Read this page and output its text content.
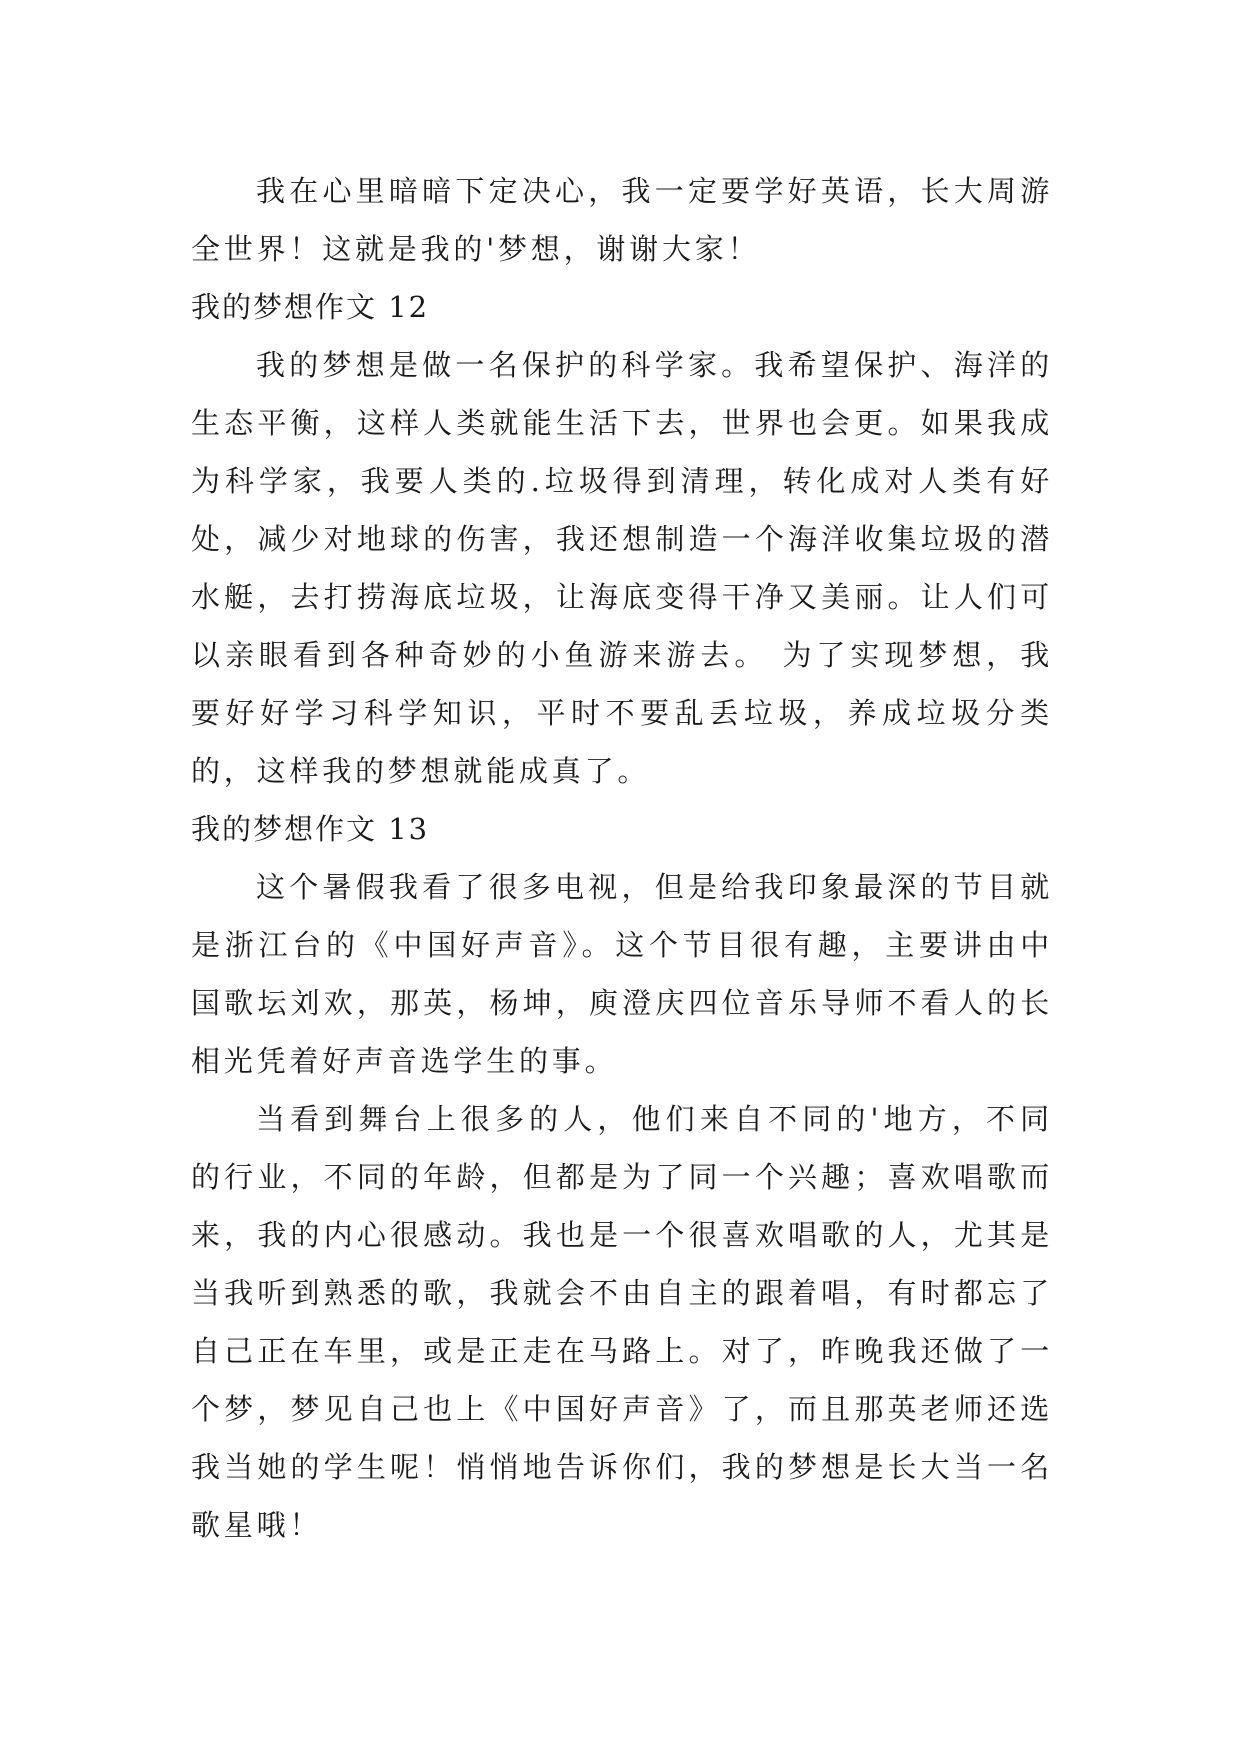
我在心里暗暗下定决心，我一定要学好英语，长大周游全世界！这就是我的'梦想，谢谢大家！

我的梦想作文 12

我的梦想是做一名保护的科学家。我希望保护、海洋的生态平衡，这样人类就能生活下去，世界也会更。如果我成为科学家，我要人类的.垃圾得到清理，转化成对人类有好处，减少对地球的伤害，我还想制造一个海洋收集垃圾的潜水艇，去打捞海底垃圾，让海底变得干净又美丽。让人们可以亲眼看到各种奇妙的小鱼游来游去。 为了实现梦想，我要好好学习科学知识，平时不要乱丢垃圾，养成垃圾分类的，这样我的梦想就能成真了。

我的梦想作文 13

这个暑假我看了很多电视，但是给我印象最深的节目就是浙江台的《中国好声音》。这个节目很有趣，主要讲由中国歌坛刘欢，那英，杨坤，庾澄庆四位音乐导师不看人的长相光凭着好声音选学生的事。

当看到舞台上很多的人，他们来自不同的'地方，不同的行业，不同的年龄，但都是为了同一个兴趣；喜欢唱歌而来，我的内心很感动。我也是一个很喜欢唱歌的人，尤其是当我听到熟悉的歌，我就会不由自主的跟着唱，有时都忘了自己正在车里，或是正走在马路上。对了，昨晚我还做了一个梦，梦见自己也上《中国好声音》了，而且那英老师还选我当她的学生呢！悄悄地告诉你们，我的梦想是长大当一名歌星哦！
